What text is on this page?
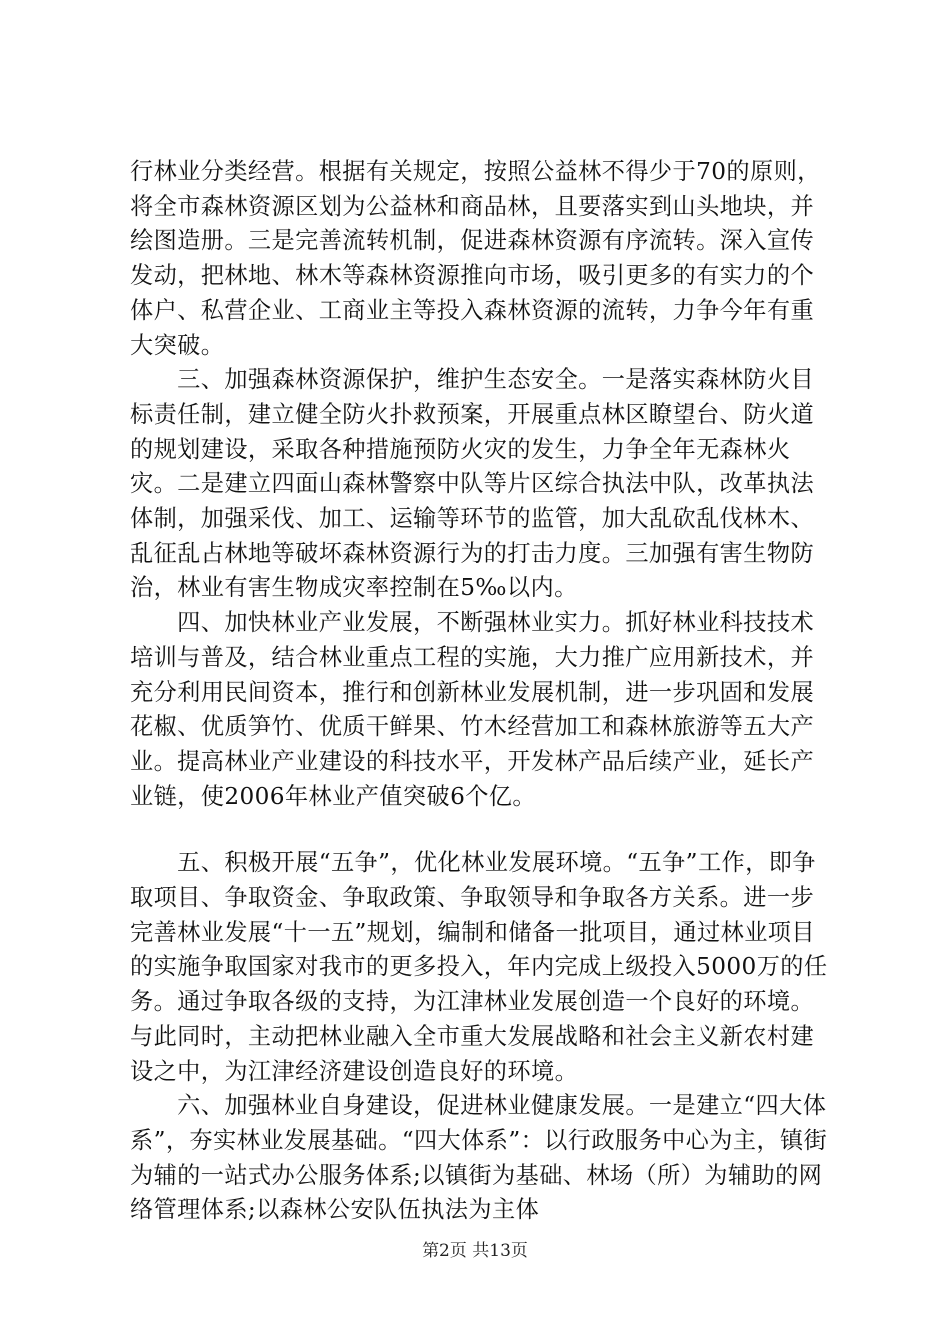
行林业分类经营。根据有关规定，按照公益林不得少于70的原则，将全市森林资源区划为公益林和商品林，且要落实到山头地块，并绘图造册。三是完善流转机制，促进森林资源有序流转。深入宣传发动，把林地、林木等森林资源推向市场，吸引更多的有实力的个体户、私营企业、工商业主等投入森林资源的流转，力争今年有重大突破。

　　三、加强森林资源保护，维护生态安全。一是落实森林防火目标责任制，建立健全防火扑救预案，开展重点林区瞭望台、防火道的规划建设，采取各种措施预防火灾的发生，力争全年无森林火灾。二是建立四面山森林警察中队等片区综合执法中队，改革执法体制，加强采伐、加工、运输等环节的监管，加大乱砍乱伐林木、乱征乱占林地等破坏森林资源行为的打击力度。三加强有害生物防治，林业有害生物成灾率控制在5‰以内。

　　四、加快林业产业发展，不断强林业实力。抓好林业科技技术培训与普及，结合林业重点工程的实施，大力推广应用新技术，并充分利用民间资本，推行和创新林业发展机制，进一步巩固和发展花椒、优质笋竹、优质干鲜果、竹木经营加工和森林旅游等五大产业。提高林业产业建设的科技水平，开发林产品后续产业，延长产业链，使2006年林业产值突破6个亿。

　　五、积极开展“五争”，优化林业发展环境。“五争”工作，即争取项目、争取资金、争取政策、争取领导和争取各方关系。进一步完善林业发展“十一五”规划，编制和储备一批项目，通过林业项目的实施争取国家对我市的更多投入，年内完成上级投入5000万的任务。通过争取各级的支持，为江津林业发展创造一个良好的环境。与此同时，主动把林业融入全市重大发展战略和社会主义新农村建设之中，为江津经济建设创造良好的环境。

　　六、加强林业自身建设，促进林业健康发展。一是建立“四大体系”，夯实林业发展基础。“四大体系”：以行政服务中心为主，镇街为辅的一站式办公服务体系;以镇街为基础、林场（所）为辅助的网络管理体系;以森林公安队伍执法为主体

第2页 共13页
